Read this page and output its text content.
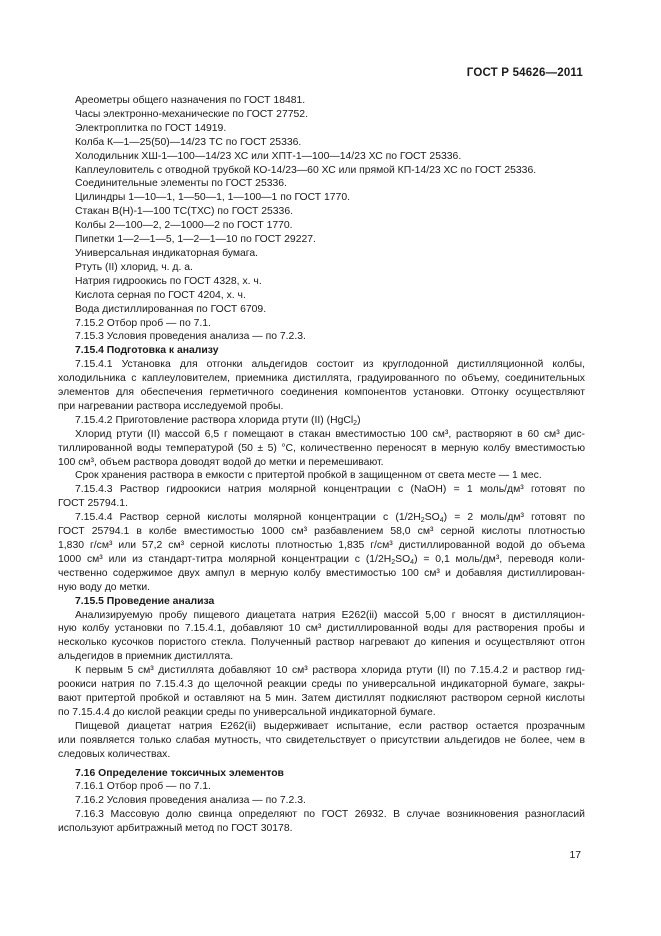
ГОСТ Р 54626—2011

Ареометры общего назначения по ГОСТ 18481.

Часы электронно-механические по ГОСТ 27752.

Электроплитка по ГОСТ 14919.

Колба К—1—25(50)—14/23 ТС по ГОСТ 25336.

Холодильник ХШ-1—100—14/23 ХС или ХПТ-1—100—14/23 ХС по ГОСТ 25336.

Каплеуловитель с отводной трубкой КО-14/23—60 ХС или прямой КП-14/23 ХС по ГОСТ 25336.

Соединительные элементы по ГОСТ 25336.

Цилиндры 1—10—1, 1—50—1, 1—100—1 по ГОСТ 1770.

Стакан В(Н)-1—100 ТС(ТХС) по ГОСТ 25336.

Колбы 2—100—2, 2—1000—2 по ГОСТ 1770.

Пипетки 1—2—1—5, 1—2—1—10 по ГОСТ 29227.

Универсальная индикаторная бумага.

Ртуть (II) хлорид, ч. д. а.

Натрия гидроокись по ГОСТ 4328, х. ч.

Кислота серная по ГОСТ 4204, х. ч.

Вода дистиллированная по ГОСТ 6709.

7.15.2 Отбор проб — по 7.1.

7.15.3 Условия проведения анализа — по 7.2.3.

7.15.4 Подготовка к анализу

7.15.4.1 Установка для отгонки альдегидов состоит из круглодонной дистилляционной колбы,

холодильника с каплеуловителем, приемника дистиллята, градуированного по объему, соединительных

элементов для обеспечения герметичного соединения компонентов установки. Отгонку осуществляют

при нагревании раствора исследуемой пробы.

7.15.4.2 Приготовление раствора хлорида ртути (II) (HgCl$_2$)

Хлорид ртути (II) массой 6,5 г помещают в стакан вместимостью 100 см³, растворяют в 60 см³ дис-

тиллированной воды температурой (50 ± 5) °С, количественно переносят в мерную колбу вместимостью

100 см³, объем раствора доводят водой до метки и перемешивают.

Срок хранения раствора в емкости с притертой пробкой в защищенном от света месте — 1 мес.

7.15.4.3 Раствор гидроокиси натрия молярной концентрации c (NaOH) = 1 моль/дм³ готовят по

ГОСТ 25794.1.

7.15.4.4 Раствор серной кислоты молярной концентрации c $(1/2H_2SO_4) = 2$ моль/дм³ готовят по

ГОСТ 25794.1 в колбе вместимостью 1000 см³ разбавлением 58,0 см³ серной кислоты плотностью

1,830 г/см³ или 57,2 см³ серной кислоты плотностью 1,835 г/см³ дистиллированной водой до объема

1000 см³ или из стандарт-титра молярной концентрации c $(1/2H_2SO_4) = 0,1$ моль/дм³, переводя коли-

чественно содержимое двух ампул в мерную колбу вместимостью 100 см³ и добавляя дистиллирован-

ную воду до метки.

7.15.5 Проведение анализа

Анализируемую пробу пищевого диацетата натрия Е262(ii) массой 5,00 г вносят в дистилляцион-

ную колбу установки по 7.15.4.1, добавляют 10 см³ дистиллированной воды для растворения пробы и

несколько кусочков пористого стекла. Полученный раствор нагревают до кипения и осуществляют отгон

альдегидов в приемник дистиллята.

К первым 5 см³ дистиллята добавляют 10 см³ раствора хлорида ртути (II) по 7.15.4.2 и раствор гид-

роокиси натрия по 7.15.4.3 до щелочной реакции среды по универсальной индикаторной бумаге, закры-

вают притертой пробкой и оставляют на 5 мин. Затем дистиллят подкисляют раствором серной кислоты

по 7.15.4.4 до кислой реакции среды по универсальной индикаторной бумаге.

Пищевой диацетат натрия Е262(ii) выдерживает испытание, если раствор остается прозрачным

или появляется только слабая мутность, что свидетельствует о присутствии альдегидов не более, чем в

следовых количествах.

7.16 Определение токсичных элементов

7.16.1 Отбор проб — по 7.1.

7.16.2 Условия проведения анализа — по 7.2.3.

7.16.3 Массовую долю свинца определяют по ГОСТ 26932. В случае возникновения разногласий

используют арбитражный метод по ГОСТ 30178.

17
